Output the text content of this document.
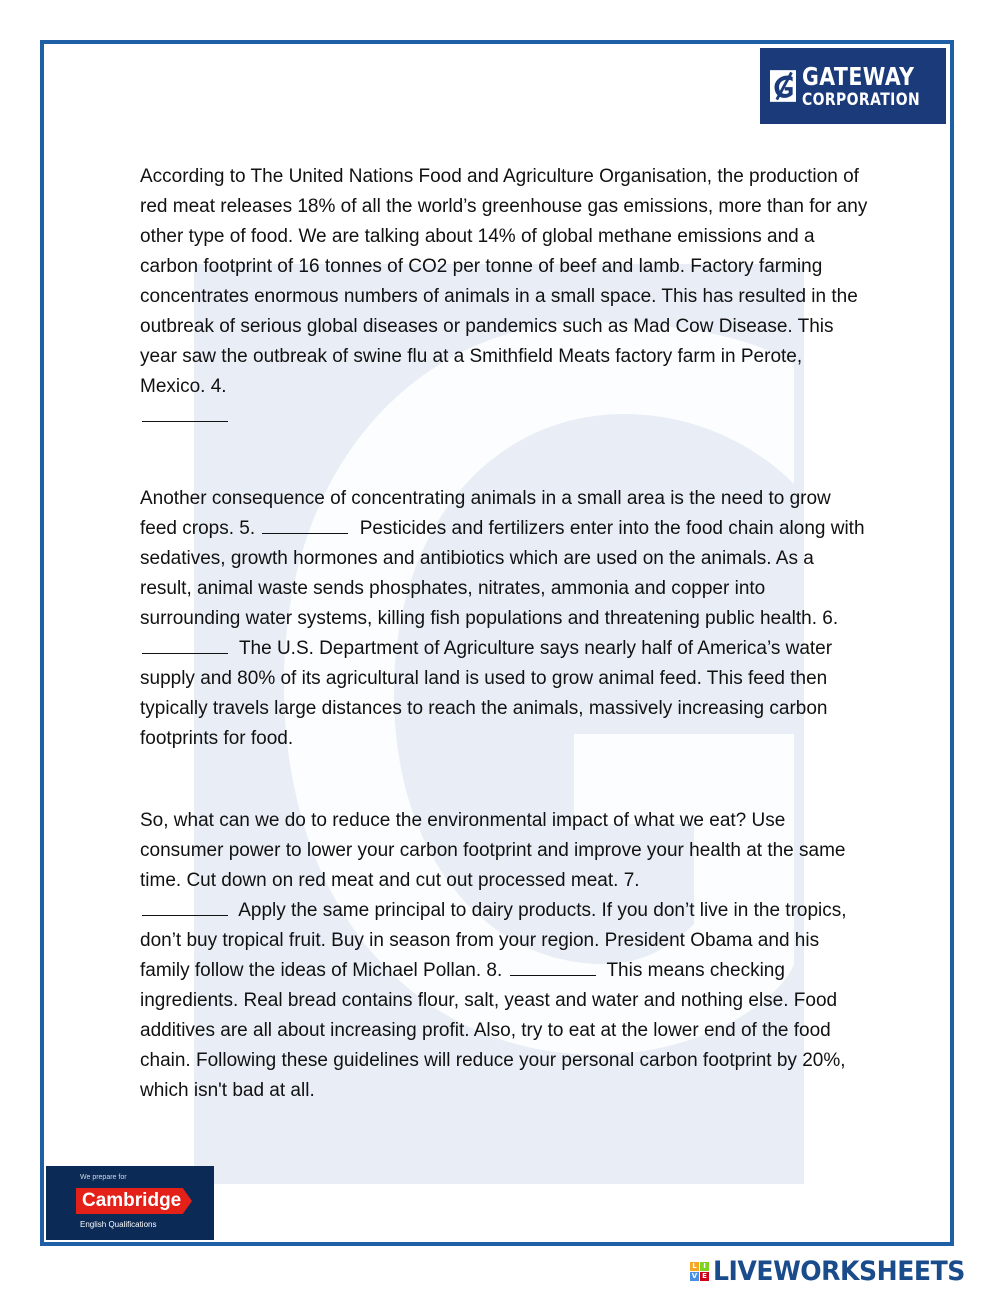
GATEWAY
CORPORATION

According to The United Nations Food and Agriculture Organisation, the production of red meat releases 18% of all the world’s greenhouse gas emissions, more than for any other type of food. We are talking about 14% of global methane emissions and a carbon footprint of 16 tonnes of CO2 per tonne of beef and lamb. Factory farming concentrates enormous numbers of animals in a small space. This has resulted in the outbreak of serious global diseases or pandemics such as Mad Cow Disease. This year saw the outbreak of swine flu at a Smithfield Meats factory farm in Perote, Mexico. 4.

Another consequence of concentrating animals in a small area is the need to grow feed crops. 5.	Pesticides and fertilizers enter into the food chain along with sedatives, growth hormones and antibiotics which are used on the animals. As a result, animal waste sends phosphates, nitrates, ammonia and copper into surrounding water systems, killing fish populations and threatening public health. 6.  The U.S. Department of Agriculture says nearly half of America’s water supply and 80% of its agricultural land is used to grow animal feed. This feed then typically travels large distances to reach the animals, massively increasing carbon footprints for food.

So, what can we do to reduce the environmental impact of what we eat? Use consumer power to lower your carbon footprint and improve your health at the same time. Cut down on red meat and cut out processed meat. 7.
Apply the same principal to dairy products. If you don’t live in the tropics, don’t buy tropical fruit. Buy in season from your region. President Obama and his family follow the ideas of Michael Pollan. 8.	This means checking ingredients. Real bread contains flour, salt, yeast and water and nothing else. Food additives are all about increasing profit. Also, try to eat at the lower end of the food chain. Following these guidelines will reduce your personal carbon footprint by 20%, which isn't bad at all.

We prepare for
Cambridge
English Qualifications
L I
V E LIVEWORKSHEETS
